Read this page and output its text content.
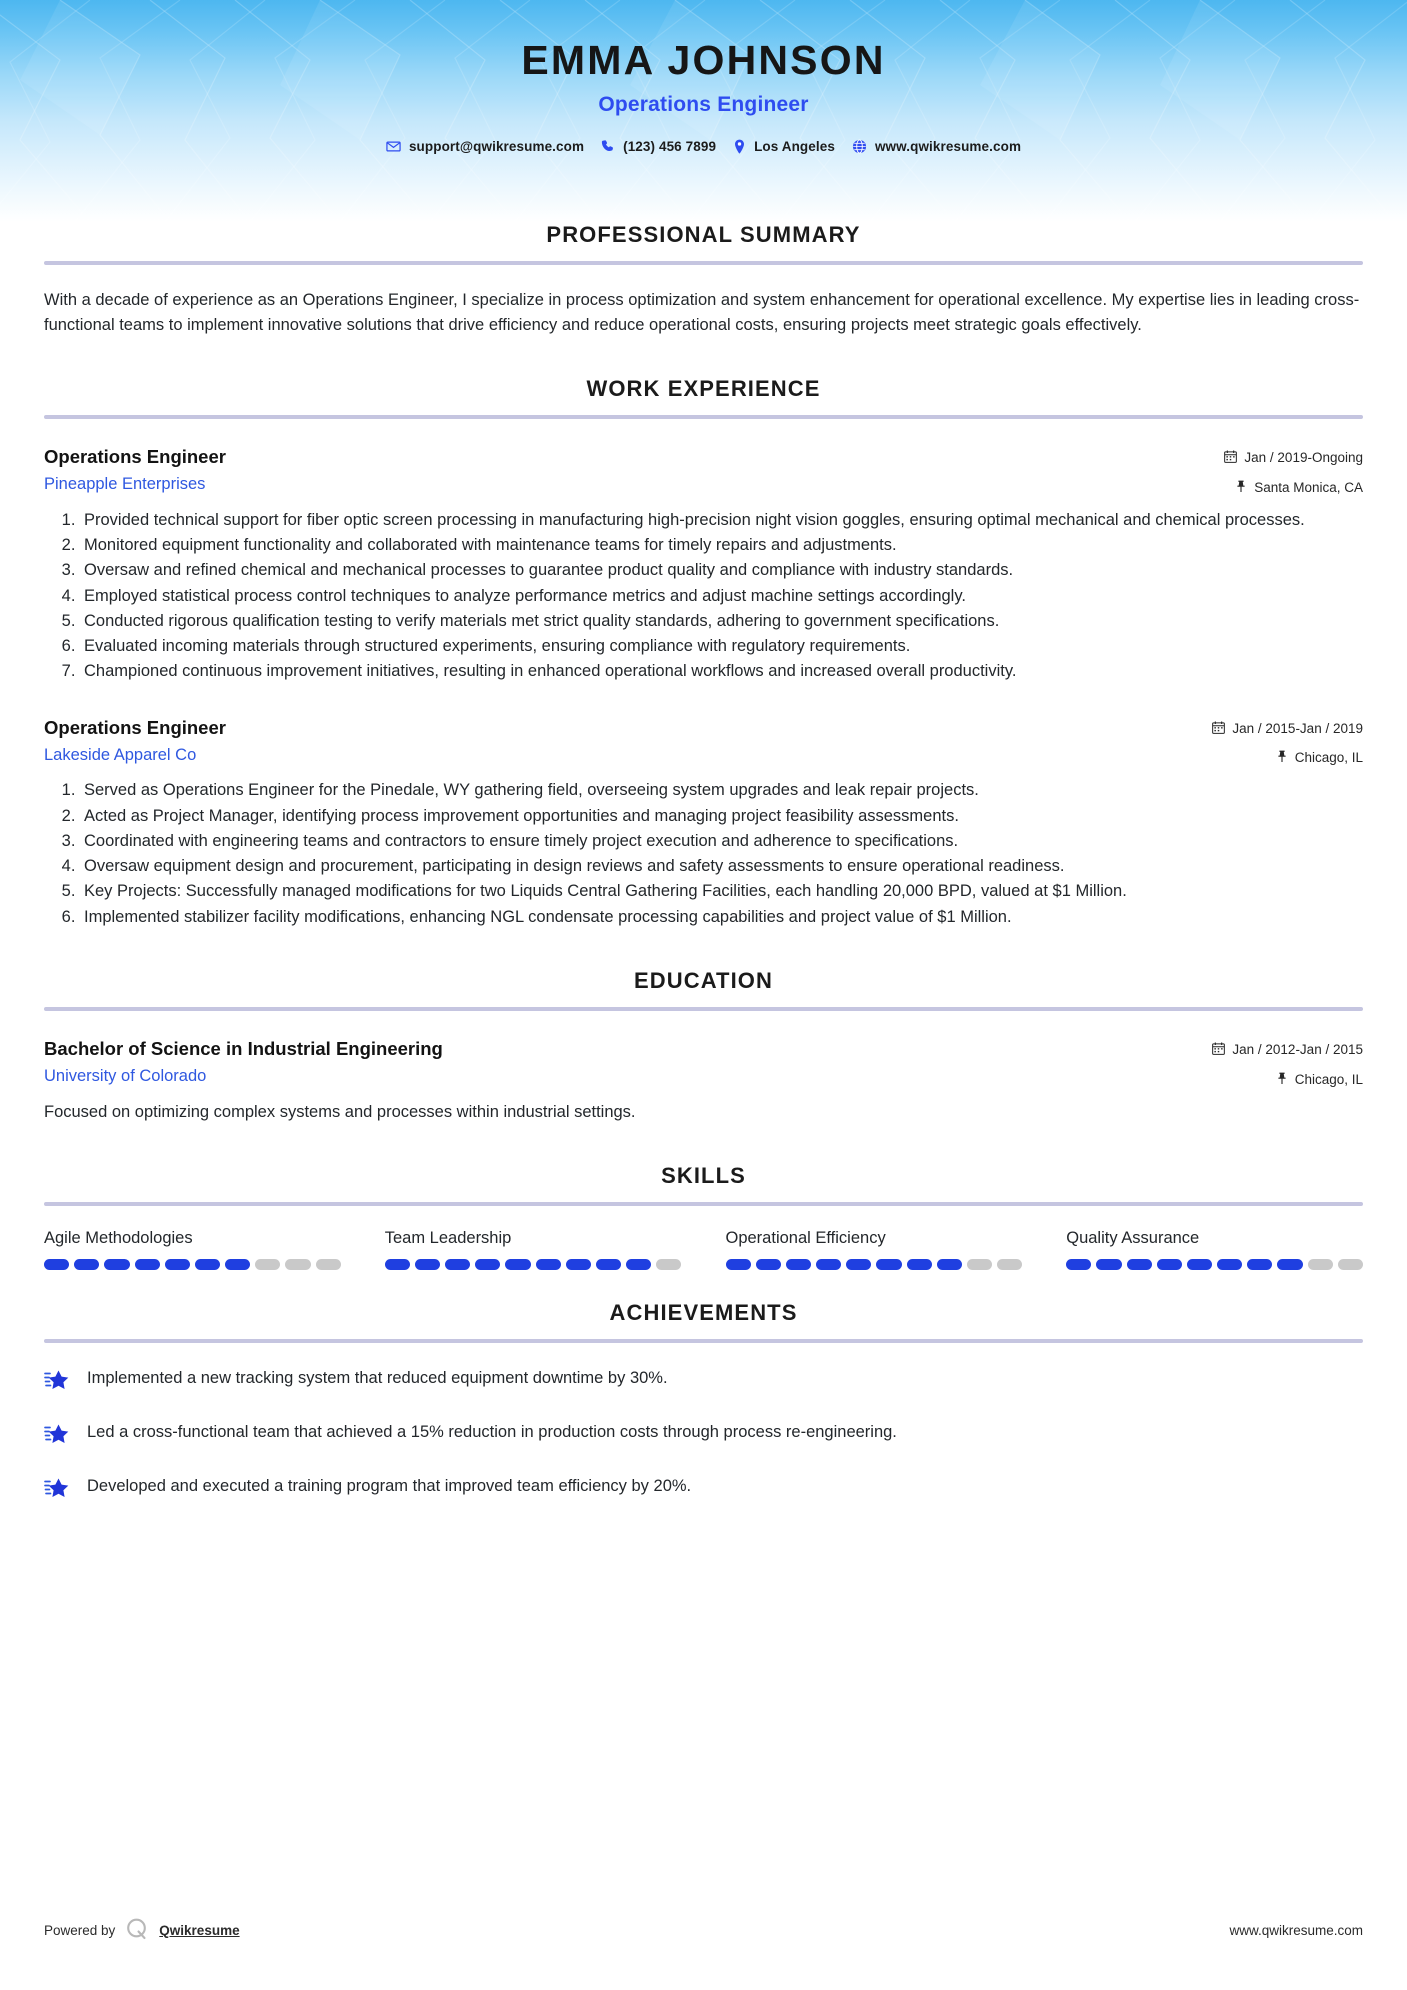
EMMA JOHNSON
Operations Engineer
support@qwikresume.com	(123) 456 7899	Los Angeles	www.qwikresume.com
PROFESSIONAL SUMMARY

With a decade of experience as an Operations Engineer, I specialize in process optimization and system enhancement for operational excellence. My expertise lies in leading cross-functional teams to implement innovative solutions that drive efficiency and reduce operational costs, ensuring projects meet strategic goals effectively.

WORK EXPERIENCE
Operations Engineer
Pineapple Enterprises
Jan / 2019-Ongoing
Santa Monica, CA
1. Provided technical support for fiber optic screen processing in manufacturing high-precision night vision goggles, ensuring optimal mechanical and chemical processes.
2. Monitored equipment functionality and collaborated with maintenance teams for timely repairs and adjustments.
3. Oversaw and refined chemical and mechanical processes to guarantee product quality and compliance with industry standards.
4. Employed statistical process control techniques to analyze performance metrics and adjust machine settings accordingly.
5. Conducted rigorous qualification testing to verify materials met strict quality standards, adhering to government specifications.
6. Evaluated incoming materials through structured experiments, ensuring compliance with regulatory requirements.
7. Championed continuous improvement initiatives, resulting in enhanced operational workflows and increased overall productivity.
Operations Engineer
Lakeside Apparel Co
Jan / 2015-Jan / 2019
Chicago, IL
1. Served as Operations Engineer for the Pinedale, WY gathering field, overseeing system upgrades and leak repair projects.
2. Acted as Project Manager, identifying process improvement opportunities and managing project feasibility assessments.
3. Coordinated with engineering teams and contractors to ensure timely project execution and adherence to specifications.
4. Oversaw equipment design and procurement, participating in design reviews and safety assessments to ensure operational readiness.
5. Key Projects: Successfully managed modifications for two Liquids Central Gathering Facilities, each handling 20,000 BPD, valued at $1 Million.
6. Implemented stabilizer facility modifications, enhancing NGL condensate processing capabilities and project value of $1 Million.
EDUCATION
Bachelor of Science in Industrial Engineering
University of Colorado
Jan / 2012-Jan / 2015
Chicago, IL

Focused on optimizing complex systems and processes within industrial settings.

SKILLS
Agile Methodologies	Team Leadership	Operational Efficiency	Quality Assurance
ACHIEVEMENTS
Implemented a new tracking system that reduced equipment downtime by 30%.
Led a cross-functional team that achieved a 15% reduction in production costs through process re-engineering.
Developed and executed a training program that improved team efficiency by 20%.
Powered by	Qwikresume	www.qwikresume.com
